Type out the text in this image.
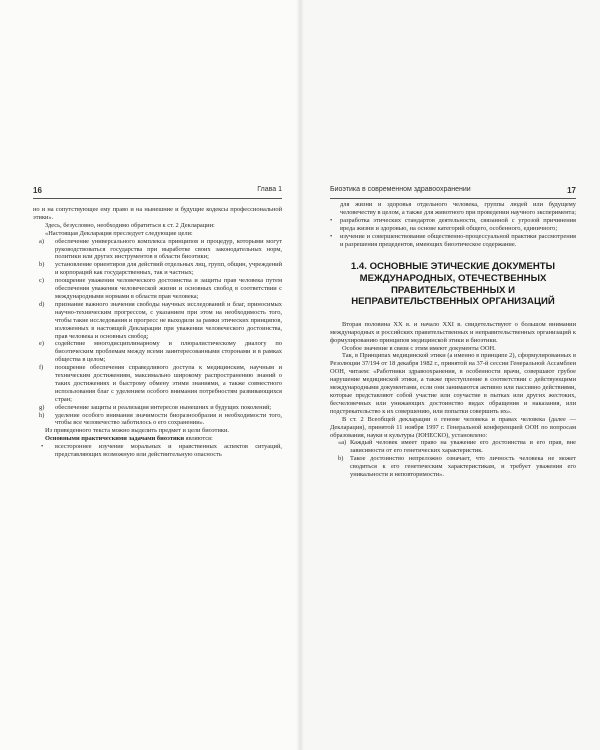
16	Глава 1

но и на сопутствующее ему право и на нынешние и будущие кодексы профессиональной этики».

Здесь, безусловно, необходимо обратиться к ст. 2 Декларации:

«Настоящая Декларация преследует следующие цели:

a) обеспечение универсального комплекса принципов и процедур, которыми могут руководствоваться государства при выработке своих законодательных норм, политики или других инструментов в области биоэтики;
b) установление ориентиров для действий отдельных лиц, групп, общин, учреждений и корпораций как государственных, так и частных;
c) поощрение уважения человеческого достоинства и защиты прав человека путем обеспечения уважения человеческой жизни и основных свобод в соответствии с международными нормами в области прав человека;
d) признание важного значения свободы научных исследований и благ, приносимых научно-техническим прогрессом, с указанием при этом на необходимость того, чтобы такие исследования и прогресс не выходили за рамки этических принципов, изложенных в настоящей Декларации при уважении человеческого достоинства, прав человека и основных свобод;
e) содействие многодисциплинарному и плюралистическому диалогу по биоэтическим проблемам между всеми заинтересованными сторонами и в рамках общества в целом;
f) поощрение обеспечения справедливого доступа к медицинским, научным и техническим достижениям, максимально широкому распространению знаний о таких достижениях и быстрому обмену этими знаниями, а также совместного использования благ с уделением особого внимания потребностям развивающихся стран;
g) обеспечение защиты и реализация интересов нынешних и будущих поколений;
h) уделение особого внимания значимости биоразнообразия и необходимости того, чтобы все человечество заботилось о его сохранении».

Из приведенного текста можно выделить предмет и цели биоэтики.

Основными практическими задачами биоэтики являются:

• всестороннее изучение моральных и нравственных аспектов ситуаций, представляющих возможную или действительную опасность
Биоэтика в современном здравоохранении	17
для жизни и здоровья отдельного человека, группы людей или будущему человечеству в целом, а также для животного при проведении научного эксперимента;
• разработка этических стандартов деятельности, связанной с угрозой причинения вреда жизни и здоровью, на основе категорий общего, особенного, единичного;
• изучение и совершенствование общественно-процессуальной практики рассмотрения и разрешения прецедентов, имеющих биоэтическое содержание.
1.4. ОСНОВНЫЕ ЭТИЧЕСКИЕ ДОКУМЕНТЫ МЕЖДУНАРОДНЫХ, ОТЕЧЕСТВЕННЫХ ПРАВИТЕЛЬСТВЕННЫХ И НЕПРАВИТЕЛЬСТВЕННЫХ ОРГАНИЗАЦИЙ

Вторая половина XX в. и начало XXI в. свидетельствуют о большом внимании международных и российских правительственных и неправительственных организаций к формулированию принципов медицинской этики и биоэтики.

Особое значение в связи с этим имеют документы ООН.

Так, в Принципах медицинской этики (а именно в принципе 2), сформулированных в Резолюции 37/194 от 18 декабря 1982 г., принятой на 37-й сессии Генеральной Ассамблеи ООН, читаем: «Работники здравоохранения, в особенности врачи, совершают грубое нарушение медицинской этики, а также преступление в соответствии с действующими международными документами, если они занимаются активно или пассивно действиями, которые представляют собой участие или соучастие в пытках или других жестоких, бесчеловечных или унижающих достоинство видах обращения и наказания, или подстрекательство к их совершению, или попытки совершить их».

В ст. 2 Всеобщей декларации о геноме человека и правах человека (далее — Декларация), принятой 11 ноября 1997 г. Генеральной конференцией ООН по вопросам образования, науки и культуры (ЮНЕСКО), установлено:

«a) Каждый человек имеет право на уважение его достоинства и его прав, вне зависимости от его генетических характеристик.
b) Такое достоинство непреложно означает, что личность человека не может сводиться к его генетическим характеристикам, и требует уважения его уникальности и неповторимости».
